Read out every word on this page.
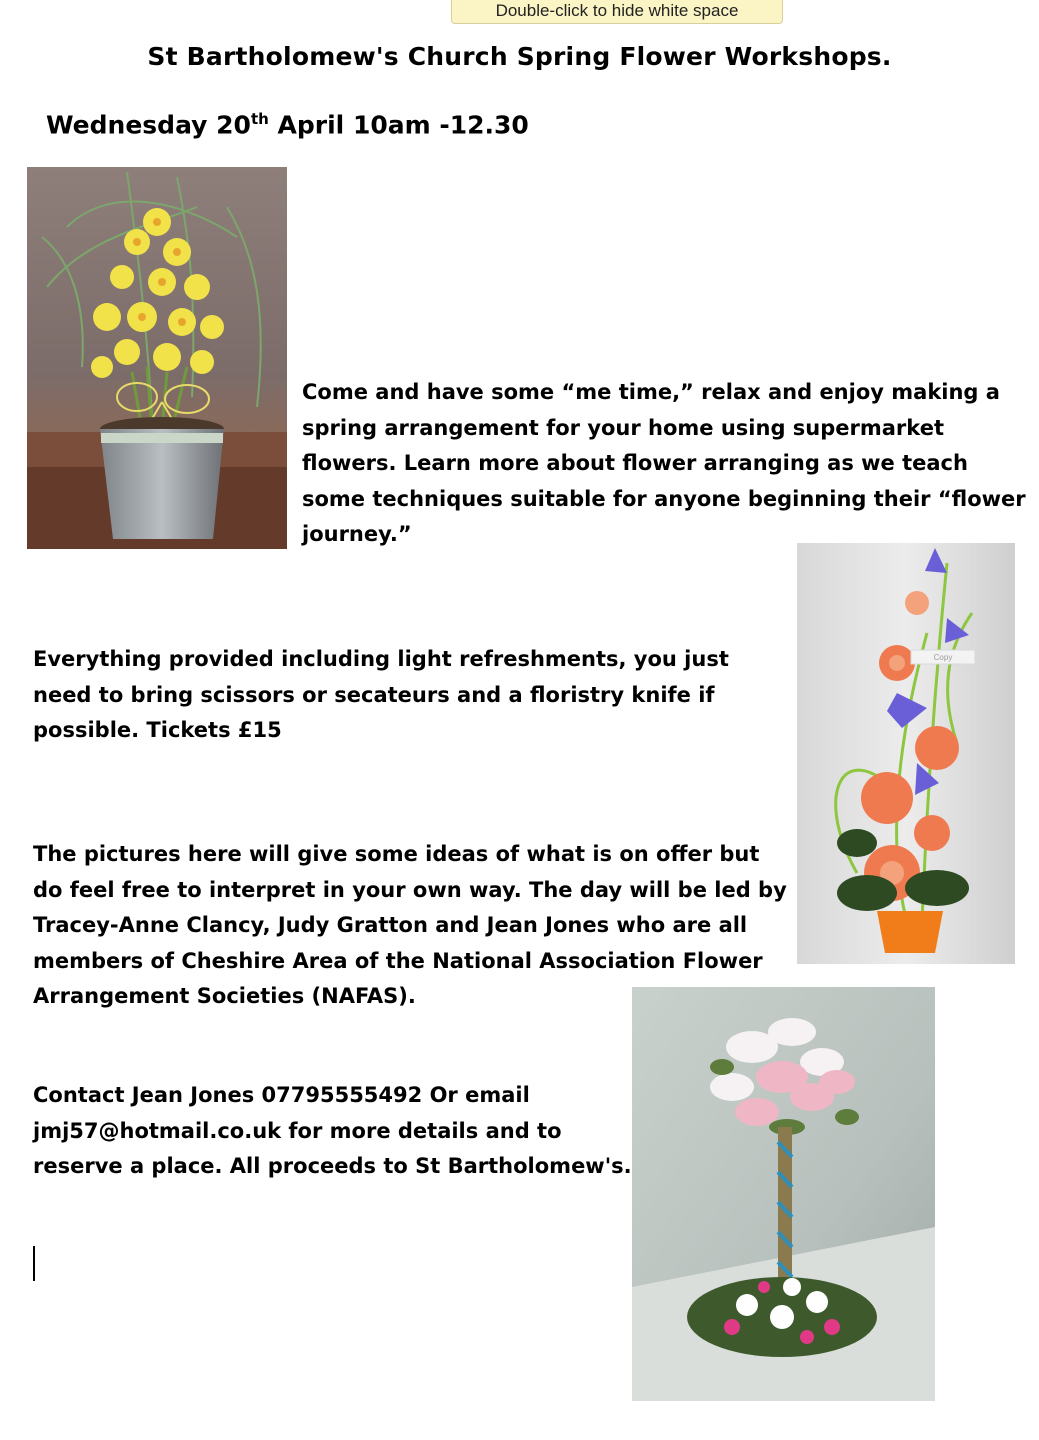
Double-click to hide white space
St Bartholomew's Church Spring Flower Workshops.
Wednesday 20th April 10am -12.30

Come and have some “me time,” relax and enjoy making a spring arrangement for your home using supermarket flowers. Learn more about flower arranging as we teach some techniques suitable for anyone beginning their “flower journey.”

Copy

Everything provided including light refreshments, you just need to bring scissors or secateurs and a floristry knife if possible. Tickets £15

The pictures here will give some ideas of what is on offer but do feel free to interpret in your own way. The day will be led by Tracey-Anne Clancy, Judy Gratton and Jean Jones who are all members of Cheshire Area of the National Association Flower Arrangement Societies (NAFAS).

Contact Jean Jones 07795555492 Or email jmj57@hotmail.co.uk for more details and to reserve a place. All proceeds to St Bartholomew's.
